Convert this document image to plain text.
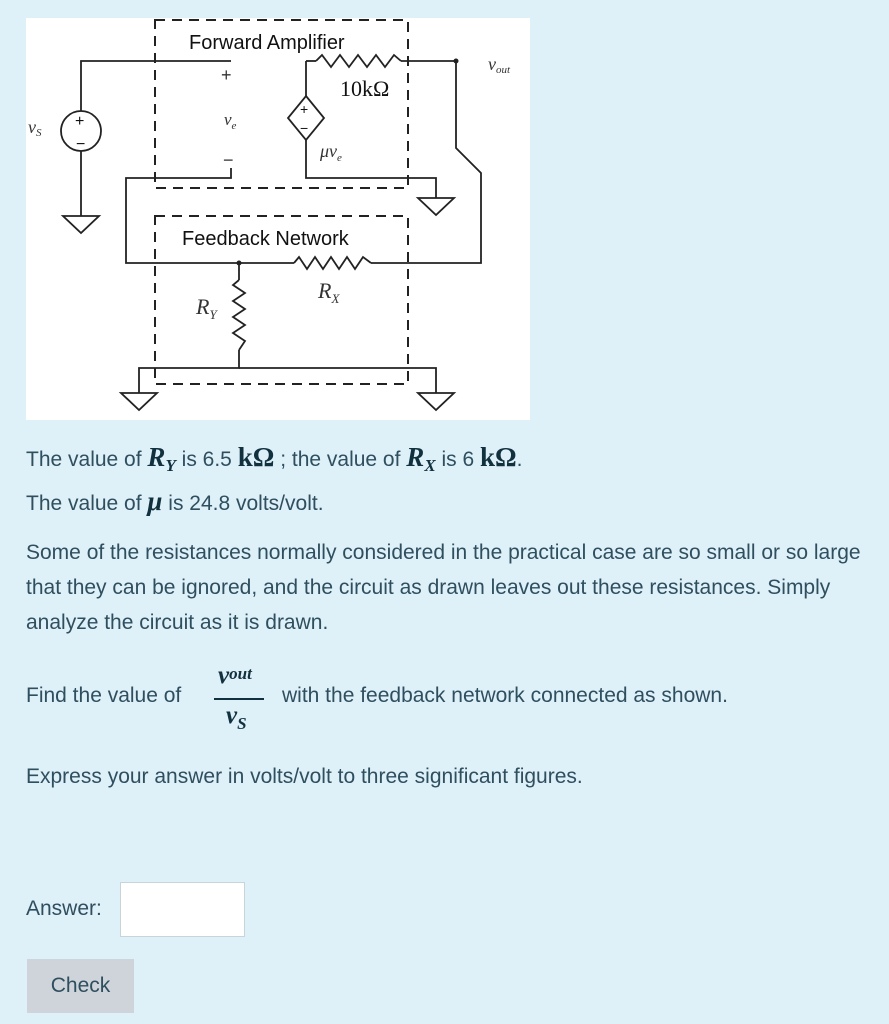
Forward Amplifier
Feedback Network
+
−
+
$v_e$
−
+
−
$\mu v_e$
10kΩ
vout
vS
$R_X$
$R_Y$

The value of $R_Y$ is 6.5 kΩ ; the value of $R_X$ is 6 kΩ.

The value of μ is 24.8 volts/volt.

Some of the resistances normally considered in the practical case are so small or so large that they can be ignored, and the circuit as drawn leaves out these resistances. Simply analyze the circuit as it is drawn.

Find the value of

$v_{out}$
$v_S$

with the feedback network connected as shown.

Express your answer in volts/volt to three significant figures.

Answer:
Check
